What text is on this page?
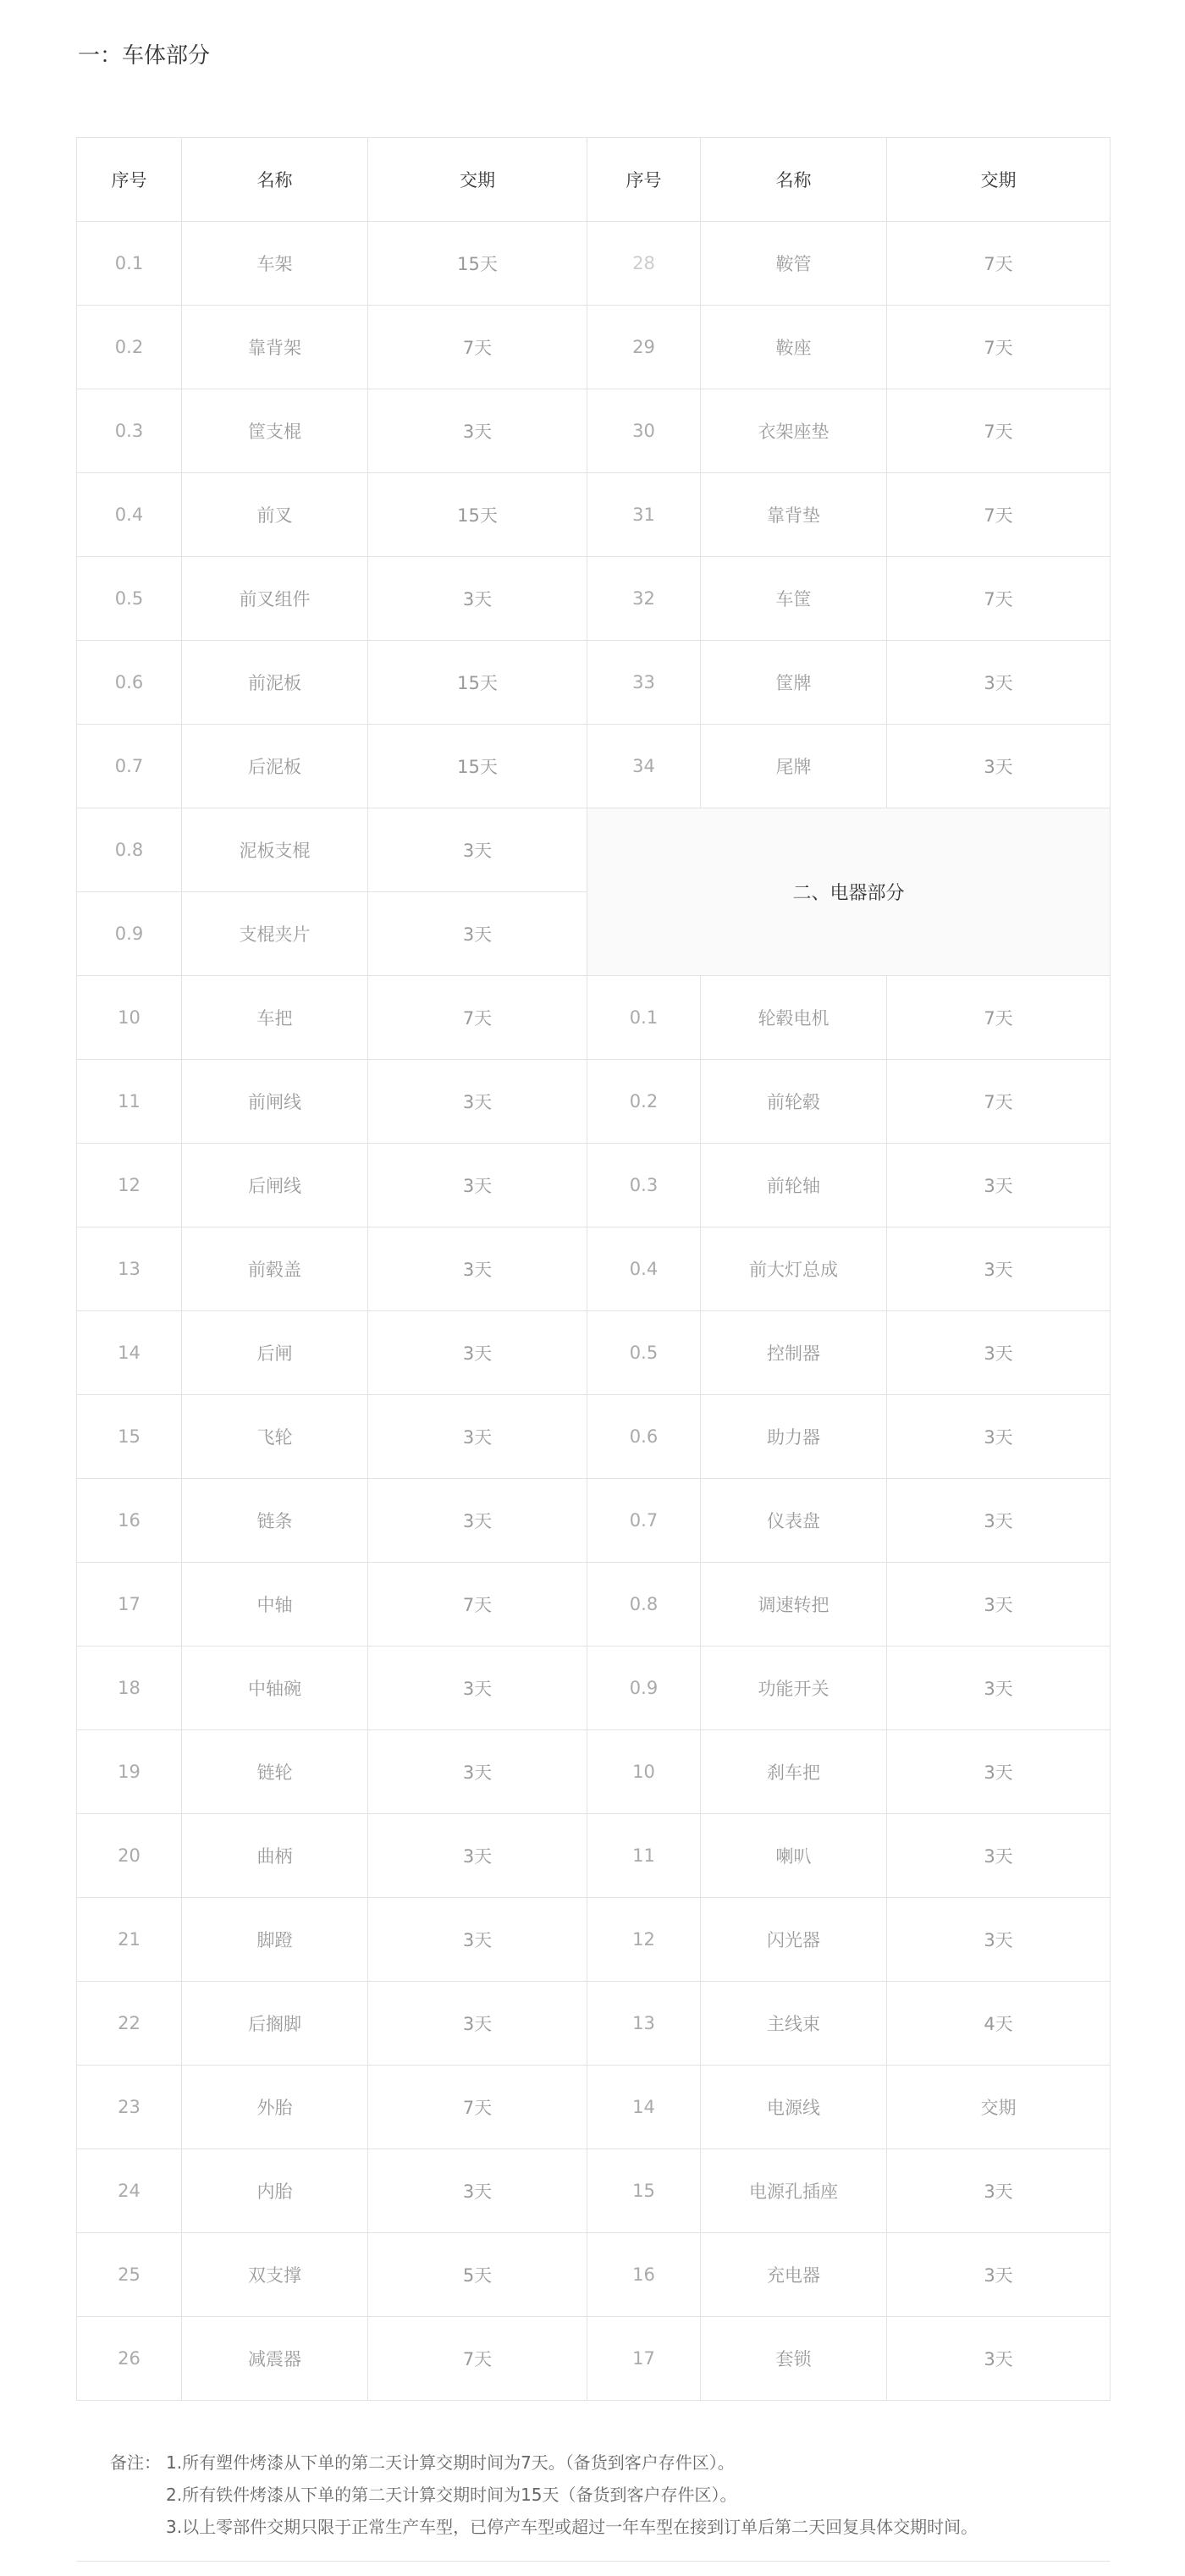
一：车体部分
序号	名称	交期	序号	名称	交期
0.1	车架	15天	28	鞍管	7天
0.2	靠背架	7天	29	鞍座	7天
0.3	筐支棍	3天	30	衣架座垫	7天
0.4	前叉	15天	31	靠背垫	7天
0.5	前叉组件	3天	32	车筐	7天
0.6	前泥板	15天	33	筐牌	3天
0.7	后泥板	15天	34	尾牌	3天
0.8	泥板支棍	3天	二、电器部分		
0.9	支棍夹片	3天			
10	车把	7天	0.1	轮毂电机	7天
11	前闸线	3天	0.2	前轮毂	7天
12	后闸线	3天	0.3	前轮轴	3天
13	前毂盖	3天	0.4	前大灯总成	3天
14	后闸	3天	0.5	控制器	3天
15	飞轮	3天	0.6	助力器	3天
16	链条	3天	0.7	仪表盘	3天
17	中轴	7天	0.8	调速转把	3天
18	中轴碗	3天	0.9	功能开关	3天
19	链轮	3天	10	刹车把	3天
20	曲柄	3天	11	喇叭	3天
21	脚蹬	3天	12	闪光器	3天
22	后搁脚	3天	13	主线束	4天
23	外胎	7天	14	电源线	交期
24	内胎	3天	15	电源孔插座	3天
25	双支撑	5天	16	充电器	3天
26	减震器	7天	17	套锁	3天
备注： 1.所有塑件烤漆从下单的第二天计算交期时间为7天。（备货到客户存件区）。
2.所有铁件烤漆从下单的第二天计算交期时间为15天（备货到客户存件区）。
3.以上零部件交期只限于正常生产车型，已停产车型或超过一年车型在接到订单后第二天回复具体交期时间。
